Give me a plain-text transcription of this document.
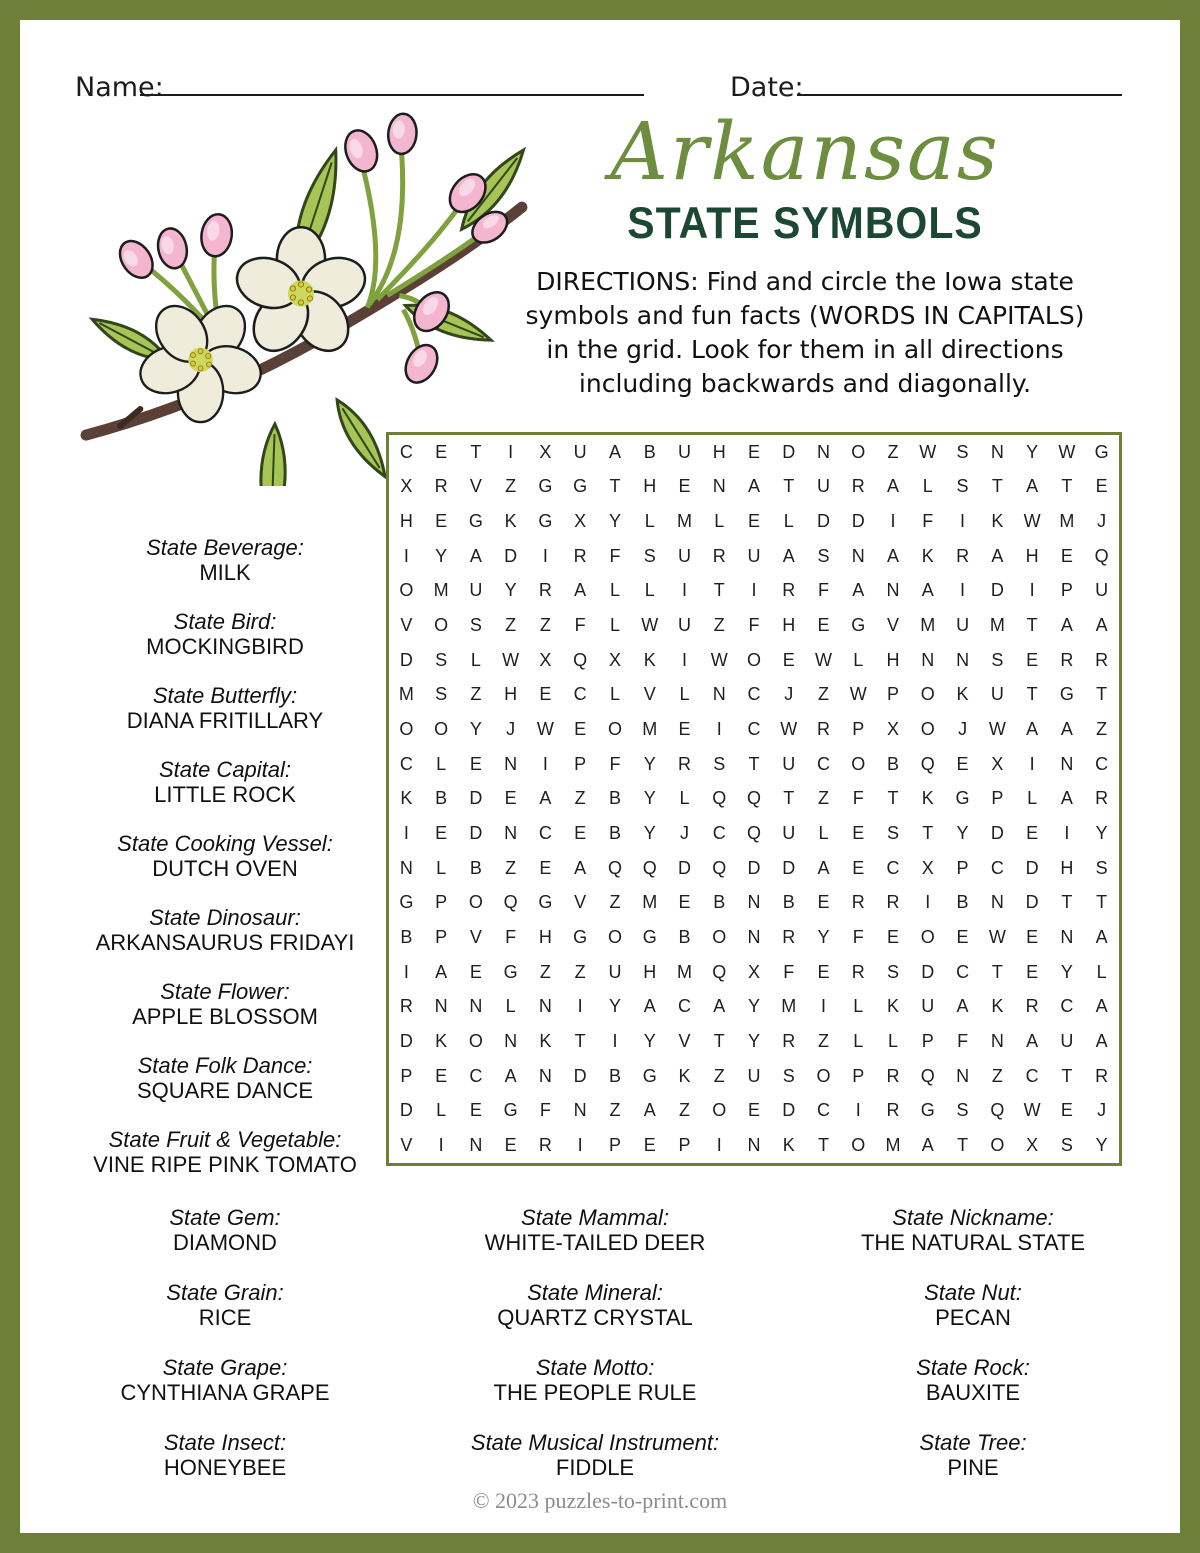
Name:	Date:
Arkansas
STATE SYMBOLS
DIRECTIONS: Find and circle the Iowa state
symbols and fun facts (WORDS IN CAPITALS)
in the grid. Look for them in all directions
including backwards and diagonally.
C	E	T	I	X	U	A	B	U	H	E	D	N	O	Z	W	S	N	Y	W	G
X	R	V	Z	G	G	T	H	E	N	A	T	U	R	A	L	S	T	A	T	E
H	E	G	K	G	X	Y	L	M	L	E	L	D	D	I	F	I	K	W	M	J
I	Y	A	D	I	R	F	S	U	R	U	A	S	N	A	K	R	A	H	E	Q
O	M	U	Y	R	A	L	L	I	T	I	R	F	A	N	A	I	D	I	P	U
V	O	S	Z	Z	F	L	W	U	Z	F	H	E	G	V	M	U	M	T	A	A
D	S	L	W	X	Q	X	K	I	W	O	E	W	L	H	N	N	S	E	R	R
M	S	Z	H	E	C	L	V	L	N	C	J	Z	W	P	O	K	U	T	G	T
O	O	Y	J	W	E	O	M	E	I	C	W	R	P	X	O	J	W	A	A	Z
C	L	E	N	I	P	F	Y	R	S	T	U	C	O	B	Q	E	X	I	N	C
K	B	D	E	A	Z	B	Y	L	Q	Q	T	Z	F	T	K	G	P	L	A	R
I	E	D	N	C	E	B	Y	J	C	Q	U	L	E	S	T	Y	D	E	I	Y
N	L	B	Z	E	A	Q	Q	D	Q	D	D	A	E	C	X	P	C	D	H	S
G	P	O	Q	G	V	Z	M	E	B	N	B	E	R	R	I	B	N	D	T	T
B	P	V	F	H	G	O	G	B	O	N	R	Y	F	E	O	E	W	E	N	A
I	A	E	G	Z	Z	U	H	M	Q	X	F	E	R	S	D	C	T	E	Y	L
R	N	N	L	N	I	Y	A	C	A	Y	M	I	L	K	U	A	K	R	C	A
D	K	O	N	K	T	I	Y	V	T	Y	R	Z	L	L	P	F	N	A	U	A
P	E	C	A	N	D	B	G	K	Z	U	S	O	P	R	Q	N	Z	C	T	R
D	L	E	G	F	N	Z	A	Z	O	E	D	C	I	R	G	S	Q	W	E	J
V	I	N	E	R	I	P	E	P	I	N	K	T	O	M	A	T	O	X	S	Y
State Beverage:
MILK
State Bird:
MOCKINGBIRD
State Butterfly:
DIANA FRITILLARY
State Capital:
LITTLE ROCK
State Cooking Vessel:
DUTCH OVEN
State Dinosaur:
ARKANSAURUS FRIDAYI
State Flower:
APPLE BLOSSOM
State Folk Dance:
SQUARE DANCE
State Fruit & Vegetable:
VINE RIPE PINK TOMATO
State Gem:
DIAMOND
State Grain:
RICE
State Grape:
CYNTHIANA GRAPE
State Insect:
HONEYBEE
State Mammal:
WHITE-TAILED DEER
State Mineral:
QUARTZ CRYSTAL
State Motto:
THE PEOPLE RULE
State Musical Instrument:
FIDDLE
State Nickname:
THE NATURAL STATE
State Nut:
PECAN
State Rock:
BAUXITE
State Tree:
PINE
© 2023 puzzles-to-print.com
